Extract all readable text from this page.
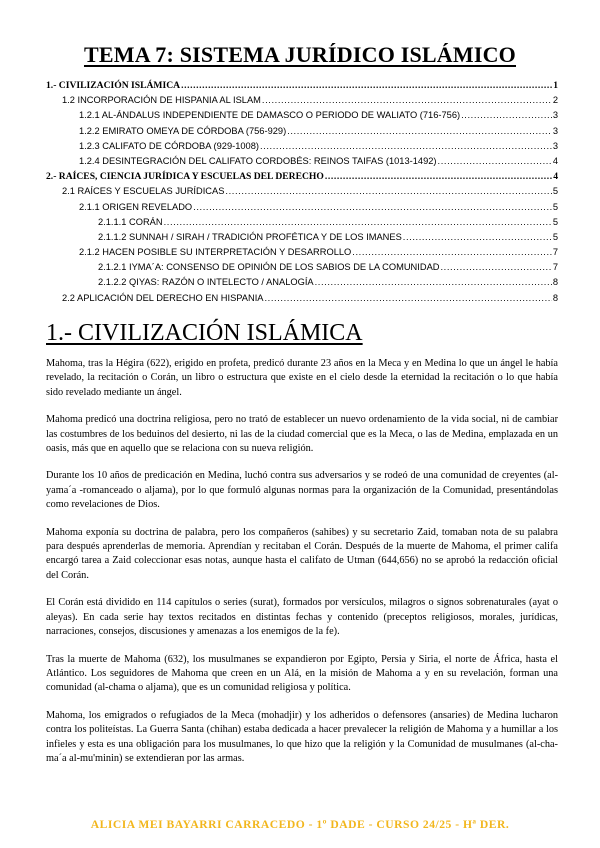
TEMA 7: SISTEMA JURÍDICO ISLÁMICO
1.- CIVILIZACIÓN ISLÁMICA .....	1
1.2 INCORPORACIÓN DE HISPANIA AL ISLAM .....	2
1.2.1 AL-ÁNDALUS INDEPENDIENTE DE DAMASCO O PERIODO DE WALIATO (716-756) .....	3
1.2.2 EMIRATO OMEYA DE CÓRDOBA (756-929) .....	3
1.2.3 CALIFATO DE CÓRDOBA (929-1008) .....	3
1.2.4 DESINTEGRACIÓN DEL CALIFATO CORDOBÉS: REINOS TAIFAS (1013-1492) .....	4
2.- RAÍCES, CIENCIA JURÍDICA Y ESCUELAS DEL DERECHO .....	4
2.1 RAÍCES Y ESCUELAS JURÍDICAS .....	5
2.1.1 ORIGEN REVELADO .....	5
2.1.1.1 CORÁN .....	5
2.1.1.2 SUNNAH / SIRAH / TRADICIÓN PROFÉTICA Y DE LOS IMANES .....	5
2.1.2 HACEN POSIBLE SU INTERPRETACIÓN Y DESARROLLO .....	7
2.1.2.1 IYMA´A: CONSENSO DE OPINIÓN DE LOS SABIOS DE LA COMUNIDAD .....	7
2.1.2.2 QIYAS: RAZÓN O INTELECTO / ANALOGÍA .....	8
2.2 APLICACIÓN DEL DERECHO EN HISPANIA .....	8
1.- CIVILIZACIÓN ISLÁMICA

Mahoma, tras la Hégira (622), erigido en profeta, predicó durante 23 años en la Meca y en Medina lo que un ángel le había revelado, la recitación o Corán, un libro o estructura que existe en el cielo desde la eternidad la recitación o lo que había sido revelado mediante un ángel.

Mahoma predicó una doctrina religiosa, pero no trató de establecer un nuevo ordenamiento de la vida social, ni de cambiar las costumbres de los beduinos del desierto, ni las de la ciudad comercial que es la Meca, o las de Medina, emplazada en un oasis, más que en aquello que se relaciona con su nueva religión.

Durante los 10 años de predicación en Medina, luchó contra sus adversarios y se rodeó de una comunidad de creyentes (al-yama´a -romanceado o aljama), por lo que formuló algunas normas para la organización de la Comunidad, presentándolas como revelaciones de Dios.

Mahoma exponía su doctrina de palabra, pero los compañeros (sahibes) y su secretario Zaid, tomaban nota de su palabra para después aprenderlas de memoria. Aprendían y recitaban el Corán. Después de la muerte de Mahoma, el primer califa encargó tarea a Zaid coleccionar esas notas, aunque hasta el califato de Utman (644,656) no se aprobó la redacción oficial del Corán.

El Corán está dividido en 114 capítulos o series (surat), formados por versículos, milagros o signos sobrenaturales (ayat o aleyas). En cada serie hay textos recitados en distintas fechas y contenido (preceptos religiosos, morales, jurídicas, narraciones, consejos, discusiones y amenazas a los enemigos de la fe).

Tras la muerte de Mahoma (632), los musulmanes se expandieron por Egipto, Persia y Siria, el norte de África, hasta el Atlántico. Los seguidores de Mahoma que creen en un Alá, en la misión de Mahoma a y en su revelación, forman una comunidad (al-chama o aljama), que es un comunidad religiosa y política.

Mahoma, los emigrados o refugiados de la Meca (mohadjir) y los adheridos o defensores (ansaries) de Medina lucharon contra los politeístas. La Guerra Santa (chihan) estaba dedicada a hacer prevalecer la religión de Mahoma y a humillar a los infieles y esta es una obligación para los musulmanes, lo que hizo que la religión y la Comunidad de musulmanes (al-cha-ma´a al-mu'minin) se extendieran por las armas.

ALICIA MEI BAYARRI CARRACEDO - 1º DADE - CURSO 24/25 - Hª DER.
